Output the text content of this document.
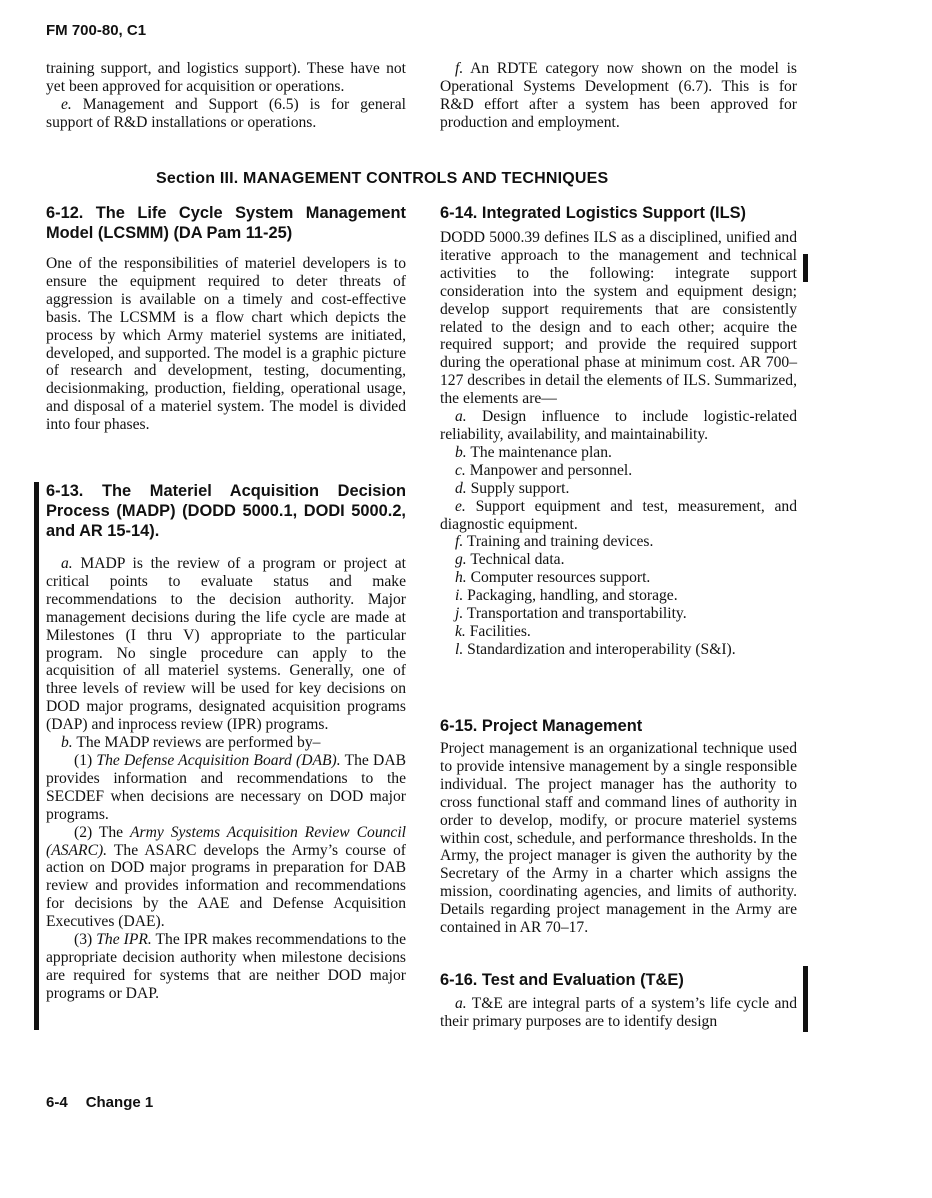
FM 700-80, C1

training support, and logistics support). These have not yet been approved for acquisition or operations.

e. Management and Support (6.5) is for general support of R&D installations or operations.

f. An RDTE category now shown on the model is Operational Systems Development (6.7). This is for R&D effort after a system has been approved for production and employment.

Section III. MANAGEMENT CONTROLS AND TECHNIQUES

6-12. The Life Cycle System Management Model (LCSMM) (DA Pam 11-25)

One of the responsibilities of materiel developers is to ensure the equipment required to deter threats of aggression is available on a timely and cost-effective basis. The LCSMM is a flow chart which depicts the process by which Army materiel systems are initiated, developed, and supported. The model is a graphic picture of research and development, testing, documenting, decisionmaking, production, fielding, operational usage, and disposal of a materiel system. The model is divided into four phases.

6-13. The Materiel Acquisition Decision Process (MADP) (DODD 5000.1, DODI 5000.2, and AR 15-14).

a. MADP is the review of a program or project at critical points to evaluate status and make recommendations to the decision authority. Major management decisions during the life cycle are made at Milestones (I thru V) appropriate to the particular program. No single procedure can apply to the acquisition of all materiel systems. Generally, one of three levels of review will be used for key decisions on DOD major programs, designated acquisition programs (DAP) and inprocess review (IPR) programs.

b. The MADP reviews are performed by–

(1) The Defense Acquisition Board (DAB). The DAB provides information and recommendations to the SECDEF when decisions are necessary on DOD major programs.

(2) The Army Systems Acquisition Review Council (ASARC). The ASARC develops the Army’s course of action on DOD major programs in preparation for DAB review and provides information and recommendations for decisions by the AAE and Defense Acquisition Executives (DAE).

(3) The IPR. The IPR makes recommendations to the appropriate decision authority when milestone decisions are required for systems that are neither DOD major programs or DAP.

6-14. Integrated Logistics Support (ILS)

DODD 5000.39 defines ILS as a disciplined, unified and iterative approach to the management and technical activities to the following: integrate support consideration into the system and equipment design; develop support requirements that are consistently related to the design and to each other; acquire the required support; and provide the required support during the operational phase at minimum cost. AR 700–127 describes in detail the elements of ILS. Summarized, the elements are—

a. Design influence to include logistic-related reliability, availability, and maintainability.

b. The maintenance plan.

c. Manpower and personnel.

d. Supply support.

e. Support equipment and test, measurement, and diagnostic equipment.

f. Training and training devices.

g. Technical data.

h. Computer resources support.

i. Packaging, handling, and storage.

j. Transportation and transportability.

k. Facilities.

l. Standardization and interoperability (S&I).

6-15. Project Management

Project management is an organizational technique used to provide intensive management by a single responsible individual. The project manager has the authority to cross functional staff and command lines of authority in order to develop, modify, or procure materiel systems within cost, schedule, and performance thresholds. In the Army, the project manager is given the authority by the Secretary of the Army in a charter which assigns the mission, coordinating agencies, and limits of authority. Details regarding project management in the Army are contained in AR 70–17.

6-16. Test and Evaluation (T&E)

a. T&E are integral parts of a system’s life cycle and their primary purposes are to identify design

6-4 Change 1
